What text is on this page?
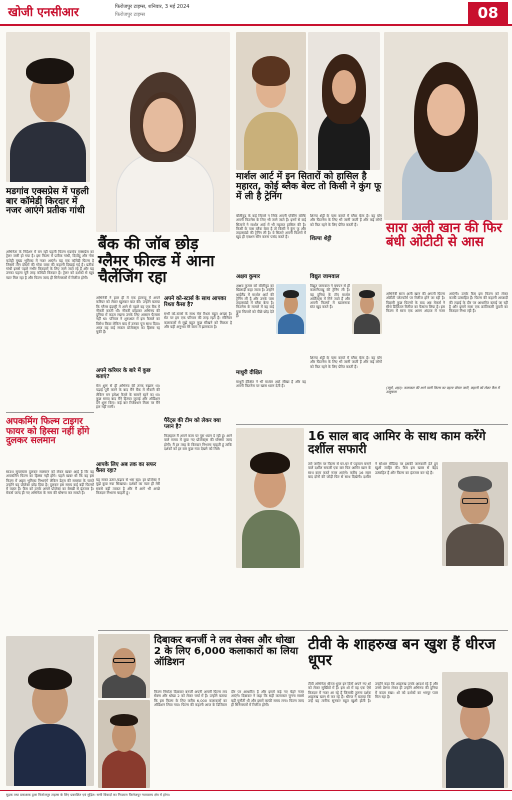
खोजी एनसीआर	फिरोजपुर टाइम्स, शनिवार, 3 मई 2024
फिरोजपुर टाइम्स	08
मडगांव एक्सप्रेस में पहली बार कॉमेडी किरदार में नजर आएंगे प्रतीक गांधी
अभिनेता के निर्देशन में बन रही पहली फिल्म मडगांव एक्सप्रेस का ट्रेलर जारी हो गया है। इस फिल्म में प्रतीक गांधी, दिव्येंदु और नोरा फतेही मुख्य भूमिका में नजर आएंगे। यह एक कॉमेडी फिल्म है जिसमें तीन दोस्तों की गोवा यात्रा की कहानी दिखाई गई है। प्रतीक गांधी इससे पहले गंभीर किरदारों के लिए जाने जाते रहे हैं और यह उनका पहला पूरी तरह कॉमेडी किरदार है। ट्रेलर को दर्शकों से खूब प्यार मिल रहा है और फिल्म जल्द ही सिनेमाघरों में रिलीज होगी।
अपकमिंग फिल्म टाइगर फायर को हिस्सा नहीं होंगे दुलकर सलमान
साउथ सुपरस्टार दुलकर सलमान को लेकर खबर आई है कि वह अपकमिंग फिल्म का हिस्सा नहीं होंगे। पहले खबर थी कि वह इस फिल्म में अहम भूमिका निभाएंगे लेकिन डेट्स की समस्या के चलते उन्होंने यह प्रोजेक्ट छोड़ दिया है। दुलकर इस समय कई बड़ी फिल्मों में व्यस्त हैं। फैंस को उनके अगले प्रोजेक्ट का बेसब्री से इंतजार है। मेकर्स जल्द ही नए अभिनेता के नाम की घोषणा कर सकते हैं।
बैंक की जॉब छोड़ ग्लैमर फील्ड में आना चैलेंजिंग रहा
अभिनेत्री ने हाल ही में एक इंटरव्यू में अपने करियर को लेकर खुलकर बात की। उन्होंने बताया कि ग्लैमर इंडस्ट्री में आने से पहले वह एक बैंक में नौकरी करती थीं। नौकरी छोड़कर अभिनय की दुनिया में कदम रखना उनके लिए आसान फैसला नहीं था। परिवार ने शुरुआत में इस फैसले का विरोध किया लेकिन बाद में उनका पूरा साथ दिया। आज वह कई सफल प्रोजेक्ट्स का हिस्सा रह चुकी हैं।
अपने करियर के बारे में कुछ बताएं?
मेरा शुरू से ही अभिनय की तरफ रुझान था। पढ़ाई पूरी करने के बाद मैंने बैंक में नौकरी की लेकिन मन हमेशा कैमरे के सामने रहने का था। कुछ समय बाद मैंने हिम्मत जुटाई और ऑडिशन देने शुरू किए। कई बार रिजेक्शन मिला पर मैंने हार नहीं मानी।
आपके लिए अब तक का सफर कैसा रहा?
यह सफर उतार-चढ़ाव से भरा रहा। हर प्रोजेक्ट ने मुझे कुछ नया सिखाया। दर्शकों का प्यार ही मेरी सबसे बड़ी ताकत है और मैं आगे भी अच्छे किरदार निभाना चाहती हूं।
अपने को-स्टार्स के साथ आपका रिश्ता कैसा है?
सभी को-स्टार्स के साथ मेरा रिश्ता बहुत अच्छा है। सेट पर हम एक परिवार की तरह रहते हैं। सीनियर कलाकारों से मुझे बहुत कुछ सीखने को मिलता है और यही अनुभव मेरे काम में झलकता है।
पैरेंट्स की टीम को लेकर क्या प्लान है?
फिलहाल मैं अपने काम पर पूरा ध्यान दे रही हूं। आने वाले समय में कुछ नए प्रोजेक्ट्स की घोषणा जल्द होगी। मैं हर तरह के किरदार निभाना चाहती हूं ताकि दर्शकों को हर बार कुछ नया देखने को मिले।
मार्शल आर्ट में इन सितारों को हासिल है महारत, कोई ब्लैक बेल्ट तो किसी ने कुंग फू में ली है ट्रेनिंग
बॉलीवुड के कई सितारे न सिर्फ अपनी एक्टिंग बल्कि अपनी फिटनेस के लिए भी जाने जाते हैं। इनमें से कई सितारों ने मार्शल आर्ट में भी महारत हासिल की है। किसी के पास ब्लैक बेल्ट है तो किसी ने कुंग फू और ताइक्वांडो की ट्रेनिंग ली है। ये सितारे अपनी फिल्मों में खुद ही एक्शन सीन करना पसंद करते हैं।
अक्षय कुमार
अक्षय कुमार को बॉलीवुड का खिलाड़ी कहा जाता है। उन्होंने थाईलैंड में मार्शल आर्ट की ट्रेनिंग ली है और उनके पास ताइक्वांडो में ब्लैक बेल्ट है। फिटनेस के मामले में वह कई युवा सितारों को पीछे छोड़ देते हैं।
माधुरी दीक्षित
माधुरी दीक्षित ने भी मार्शल आर्ट सीखा है और वह अपनी फिटनेस पर खास ध्यान देती हैं।
विद्युत जामवाल
विद्युत जामवाल ने बचपन से ही कलारीपयट्टू की ट्रेनिंग ली है। वह दुनिया के टॉप मार्शल आर्टिस्ट्स में गिने जाते हैं और अपनी फिल्मों में खतरनाक स्टंट खुद करते हैं।
शिल्पा शेट्टी
शिल्पा शेट्टी के पास कराटे में ब्लैक बेल्ट है। वह योग और फिटनेस के लिए भी जानी जाती हैं और कई लोगों को फिट रहने के लिए प्रेरित करती हैं।
शिल्पा शेट्टी के पास कराटे में ब्लैक बेल्ट है। वह योग और फिटनेस के लिए भी जानी जाती हैं और कई लोगों को फिट रहने के लिए प्रेरित करती हैं।
सारा अली खान की फिर बंधी ओटीटी से आस
अभिनेत्री सारा अली खान की अगली फिल्म ओटीटी प्लेटफॉर्म पर रिलीज होने जा रही है। पिछली कुछ फिल्मों के बाद अब मेकर्स ने सीधे डिजिटल रिलीज का फैसला लिया है। इस फिल्म में सारा एक अलग अंदाज में नजर आएंगी। उनके फैंस इस फिल्म को लेकर काफी उत्साहित हैं। फिल्म की कहानी आजादी की लड़ाई के दौर पर आधारित बताई जा रही है और इसमें सारा एक क्रांतिकारी युवती का किरदार निभा रही हैं।
(ब्यूरो, शहर): कलाकार की आने वाली फिल्म का पहला पोस्टर जारी, कहानी को लेकर फैंस में उत्सुकता
16 साल बाद आमिर के साथ काम करेंगे दर्शील सफारी
तारे जमीन पर फिल्म से घर-घर में पहचान बनाने वाले दर्शील सफारी एक बार फिर आमिर खान के साथ काम करते नजर आएंगे। करीब 16 साल बाद दोनों की जोड़ी फिर से साथ दिखेगी। दर्शील ने सोशल मीडिया पर इसकी जानकारी देते हुए खुशी जाहिर की। फैंस इस खबर से बेहद उत्साहित हैं और फिल्म का इंतजार कर रहे हैं।
दिबाकर बनर्जी ने लव सेक्स और धोखा 2 के लिए 6,000 कलाकारों का लिया ऑडिशन
फिल्म निर्माता दिबाकर बनर्जी अपनी अगली फिल्म लव सेक्स और धोखा 2 को लेकर चर्चा में हैं। उन्होंने बताया कि इस फिल्म के लिए करीब 6,000 कलाकारों का ऑडिशन लिया गया। फिल्म की कहानी आज के डिजिटल दौर पर आधारित है और इसमें कई नए चेहरे नजर आएंगे। दिबाकर ने कहा कि सही कलाकार चुनना सबसे बड़ी चुनौती थी और इसमें काफी समय लगा। फिल्म जल्द ही सिनेमाघरों में रिलीज होगी।
टीवी के शाहरुख बन खुश हैं धीरज धूपर
टीवी अभिनेता धीरज धूपर इन दिनों अपने नए शो को लेकर सुर्खियों में हैं। इस शो में वह एक ऐसे किरदार में नजर आ रहे हैं जिसकी तुलना दर्शक शाहरुख खान से कर रहे हैं। धीरज ने बताया कि उन्हें यह तारीफ सुनकर बहुत खुशी होती है। उन्होंने कहा कि शाहरुख उनके आदर्श रहे हैं और उनसे प्रेरणा लेकर ही उन्होंने अभिनय की दुनिया में कदम रखा। शो को दर्शकों का भरपूर प्यार मिल रहा है।
मुद्रक तथा प्रकाशक द्वारा फिरोजपुर टाइम्स के लिए प्रकाशित एवं मुद्रित। सभी विवादों का निपटारा फिरोजपुर न्यायालय क्षेत्र में होगा।
